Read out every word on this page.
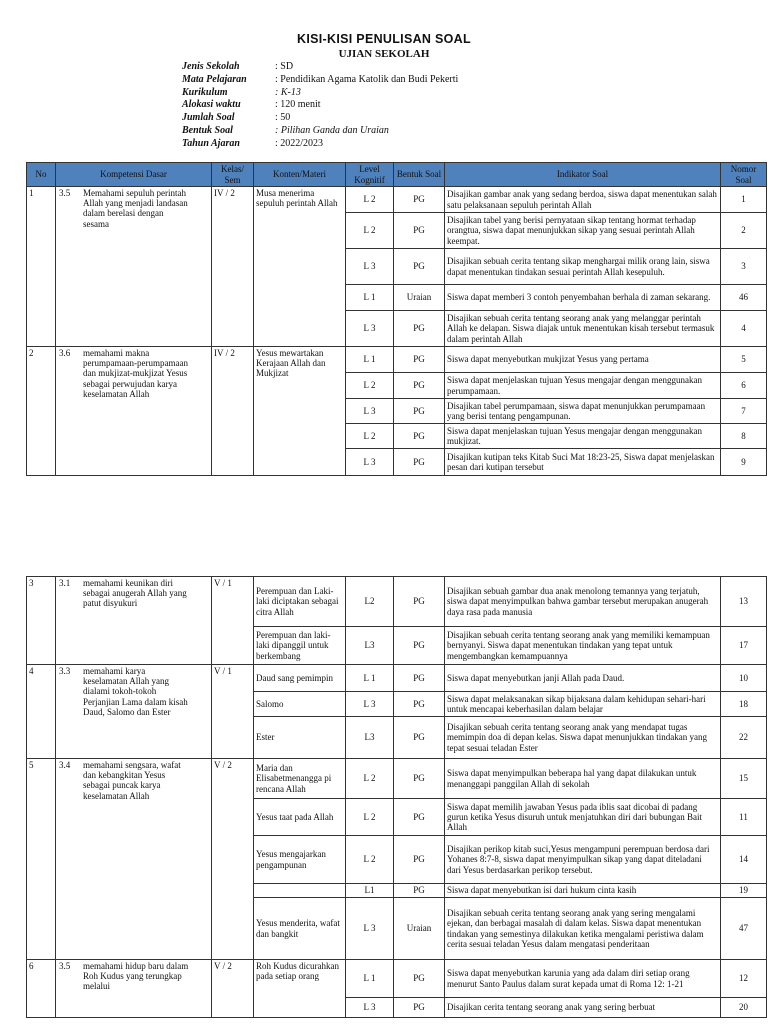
KISI-KISI PENULISAN SOAL
UJIAN SEKOLAH
Jenis Sekolah	: SD
Mata Pelajaran	: Pendidikan Agama Katolik dan Budi Pekerti
Kurikulum	: K-13
Alokasi waktu	: 120 menit
Jumlah Soal	: 50
Bentuk Soal	: Pilihan Ganda dan Uraian
Tahun Ajaran	: 2022/2023
No	Kompetensi Dasar	Kelas/ Sem	Konten/Materi	Level Kognitif	Bentuk Soal	Indikator Soal	Nomor Soal
1	3.5 Memahami sepuluh perintah Allah yang menjadi landasan dalam berelasi dengan sesama	IV / 2	Musa menerima sepuluh perintah Allah	L 2	PG	Disajikan gambar anak yang sedang berdoa, siswa dapat menentukan salah satu pelaksanaan sepuluh perintah Allah	1
				L 2	PG	Disajikan tabel yang berisi pernyataan sikap tentang hormat terhadap orangtua, siswa dapat menunjukkan sikap yang sesuai perintah Allah keempat.	2
				L 3	PG	Disajikan sebuah cerita tentang sikap menghargai milik orang lain, siswa dapat menentukan tindakan sesuai perintah Allah kesepuluh.	3
				L 1	Uraian	Siswa dapat memberi 3 contoh penyembahan berhala di zaman sekarang.	46
				L 3	PG	Disajikan sebuah cerita tentang seorang anak yang melanggar perintah Allah ke delapan. Siswa diajak untuk menentukan kisah tersebut termasuk dalam perintah Allah	4
2	3.6 memahami makna perumpamaan-perumpamaan dan mukjizat-mukjizat Yesus sebagai perwujudan karya keselamatan Allah	IV / 2	Yesus mewartakan Kerajaan Allah dan Mukjizat	L 1	PG	Siswa dapat menyebutkan mukjizat Yesus yang pertama	5
				L 2	PG	Siswa dapat menjelaskan tujuan Yesus mengajar dengan menggunakan perumpamaan.	6
				L 3	PG	Disajikan tabel perumpamaan, siswa dapat menunjukkan perumpamaan yang berisi tentang pengampunan.	7
				L 2	PG	Siswa dapat menjelaskan tujuan Yesus mengajar dengan menggunakan mukjizat.	8
				L 3	PG	Disajikan kutipan teks Kitab Suci Mat 18:23-25, Siswa dapat menjelaskan pesan dari kutipan tersebut	9
3	3.1 memahami keunikan diri sebagai anugerah Allah yang patut disyukuri	V / 1	Perempuan dan Laki-laki diciptakan sebagai citra Allah	L2	PG	Disajikan sebuah gambar dua anak menolong temannya yang terjatuh, siswa dapat menyimpulkan bahwa gambar tersebut merupakan anugerah daya rasa pada manusia	13
			Perempuan dan laki-laki dipanggil untuk berkembang	L3	PG	Disajikan sebuah cerita tentang seorang anak yang memiliki kemampuan bernyanyi. Siswa dapat menentukan tindakan yang tepat untuk mengembangkan kemampuannya	17
4	3.3 memahami karya keselamatan Allah yang dialami tokoh-tokoh Perjanjian Lama dalam kisah Daud, Salomo dan Ester	V / 1	Daud sang pemimpin	L 1	PG	Siswa dapat menyebutkan janji Allah pada Daud.	10
			Salomo	L 3	PG	Siswa dapat melaksanakan sikap bijaksana dalam kehidupan sehari-hari untuk mencapai keberhasilan dalam belajar	18
			Ester	L3	PG	Disajikan sebuah cerita tentang seorang anak yang mendapat tugas memimpin doa di depan kelas. Siswa dapat menunjukkan tindakan yang tepat sesuai teladan Ester	22
5	3.4 memahami sengsara, wafat dan kebangkitan Yesus sebagai puncak karya keselamatan Allah	V / 2	Maria dan Elisabetmenangga pi rencana Allah	L 2	PG	Siswa dapat menyimpulkan beberapa hal yang dapat dilakukan untuk menanggapi panggilan Allah di sekolah	15
			Yesus taat pada Allah	L 2	PG	Siswa dapat memilih jawaban Yesus pada iblis saat dicobai di padang gurun ketika Yesus disuruh untuk menjatuhkan diri dari bubungan Bait Allah	11
			Yesus mengajarkan pengampunan	L 2	PG	Disajikan perikop kitab suci,Yesus mengampuni perempuan berdosa dari Yohanes 8:7-8, siswa dapat menyimpulkan sikap yang dapat diteladani dari Yesus berdasarkan perikop tersebut.	14
				L1	PG	Siswa dapat menyebutkan isi dari hukum cinta kasih	19
			Yesus menderita, wafat dan bangkit	L 3	Uraian	Disajikan sebuah cerita tentang seorang anak yang sering mengalami ejekan, dan berbagai masalah di dalam kelas. Siswa dapat menentukan tindakan yang semestinya dilakukan ketika mengalami peristiwa dalam cerita sesuai teladan Yesus dalam mengatasi penderitaan	47
6	3.5 memahami hidup baru dalam Roh Kudus yang terungkap melalui	V / 2	Roh Kudus dicurahkan pada setiap orang	L 1	PG	Siswa dapat menyebutkan karunia yang ada dalam diri setiap orang menurut Santo Paulus dalam surat kepada umat di Roma 12: 1-21	12
				L 3	PG	Disajikan cerita tentang seorang anak yang sering berbuat	20
